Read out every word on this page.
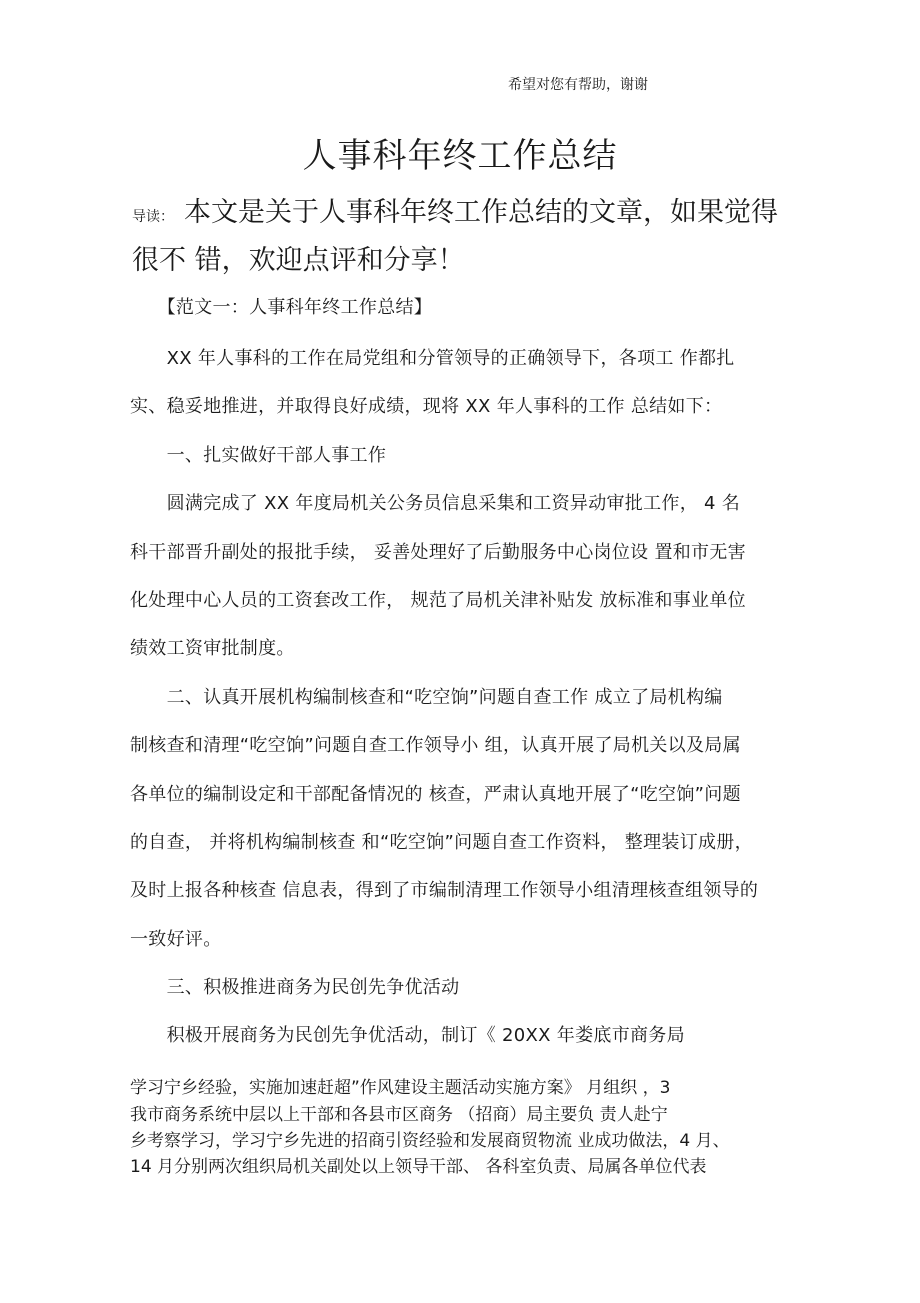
希望对您有帮助，谢谢
人事科年终工作总结
导读： 本文是关于人事科年终工作总结的文章，如果觉得
很不 错，欢迎点评和分享！
　　【范文一：人事科年终工作总结】
　　XX 年人事科的工作在局党组和分管领导的正确领导下，各项工 作都扎
实、稳妥地推进，并取得良好成绩，现将 XX 年人事科的工作 总结如下：
　　一、扎实做好干部人事工作
　　圆满完成了 XX 年度局机关公务员信息采集和工资异动审批工作， 4 名
科干部晋升副处的报批手续， 妥善处理好了后勤服务中心岗位设 置和市无害
化处理中心人员的工资套改工作， 规范了局机关津补贴发 放标准和事业单位
绩效工资审批制度。
　　二、认真开展机构编制核查和“吃空饷”问题自查工作 成立了局机构编
制核查和清理“吃空饷”问题自查工作领导小 组，认真开展了局机关以及局属
各单位的编制设定和干部配备情况的 核查，严肃认真地开展了“吃空饷”问题
的自查， 并将机构编制核查 和“吃空饷”问题自查工作资料， 整理装订成册，
及时上报各种核查 信息表，得到了市编制清理工作领导小组清理核查组领导的
一致好评。
　　三、积极推进商务为民创先争优活动
　　积极开展商务为民创先争优活动，制订《 20XX 年娄底市商务局
学习宁乡经验，实施加速赶超”作风建设主题活动实施方案》 月组织 ，3
我市商务系统中层以上干部和各县市区商务 （招商）局主要负 责人赴宁
乡考察学习，学习宁乡先进的招商引资经验和发展商贸物流 业成功做法，4 月、
14 月分别两次组织局机关副处以上领导干部、 各科室负责、局属各单位代表
